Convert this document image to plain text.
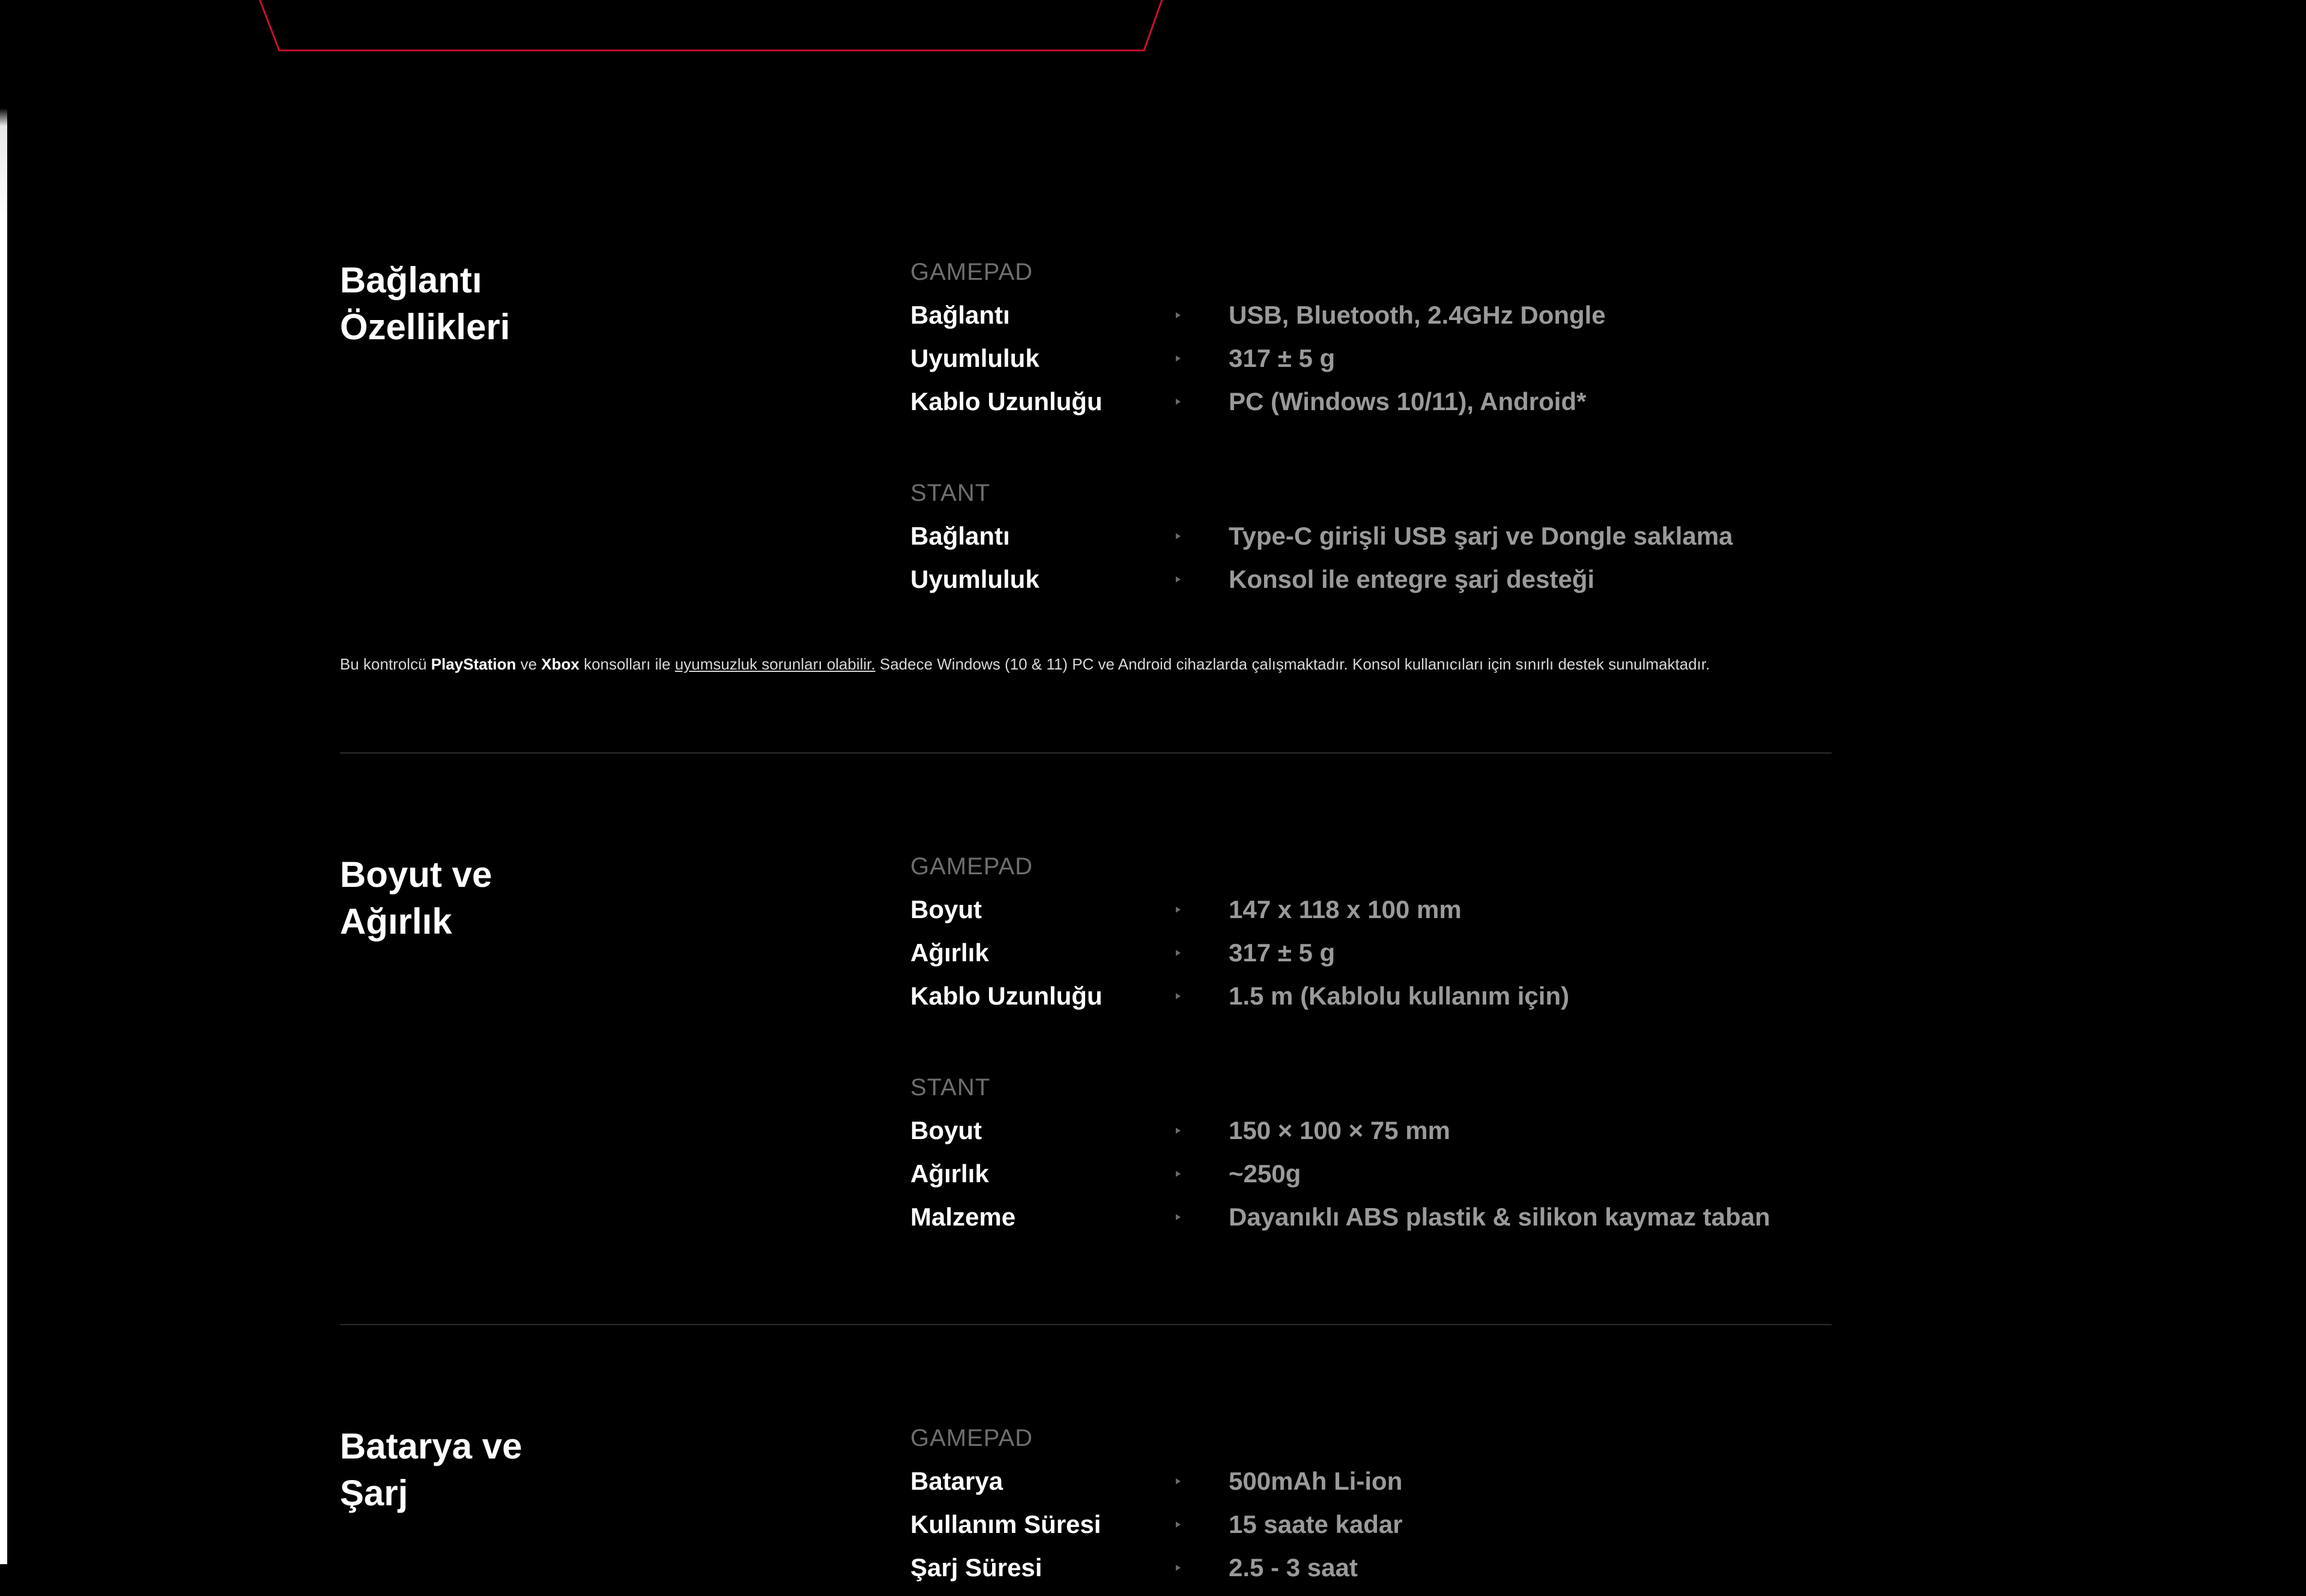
Bağlantı
Özellikleri
GAMEPAD
Bağlantı	USB, Bluetooth, 2.4GHz Dongle
Uyumluluk	317 ± 5 g
Kablo Uzunluğu	PC (Windows 10/11), Android*
STANT
Bağlantı	Type-C girişli USB şarj ve Dongle saklama
Uyumluluk	Konsol ile entegre şarj desteği

Bu kontrolcü PlayStation ve Xbox konsolları ile uyumsuzluk sorunları olabilir. Sadece Windows (10 & 11) PC ve Android cihazlarda çalışmaktadır. Konsol kullanıcıları için sınırlı destek sunulmaktadır.

Boyut ve
Ağırlık
GAMEPAD
Boyut	147 x 118 x 100 mm
Ağırlık	317 ± 5 g
Kablo Uzunluğu	1.5 m (Kablolu kullanım için)
STANT
Boyut	150 × 100 × 75 mm
Ağırlık	~250g
Malzeme	Dayanıklı ABS plastik & silikon kaymaz taban
Batarya ve
Şarj
GAMEPAD
Batarya	500mAh Li-ion
Kullanım Süresi	15 saate kadar
Şarj Süresi	2.5 - 3 saat
